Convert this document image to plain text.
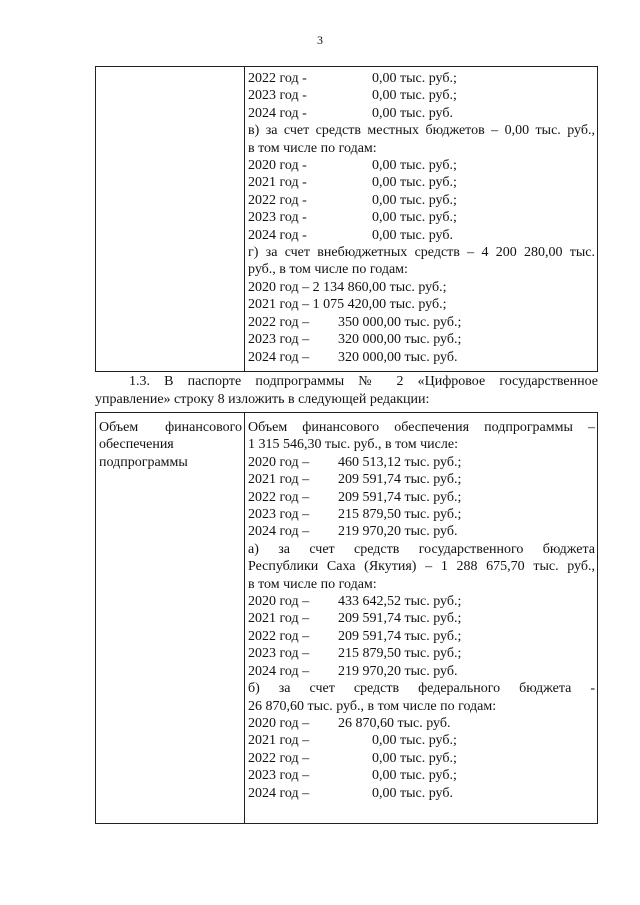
3

2022 год -	0,00 тыс. руб.;
2023 год -	0,00 тыс. руб.;
2024 год -	0,00 тыс. руб.
в) за счет средств местных бюджетов – 0,00 тыс. руб.,
в том числе по годам:
2020 год -	0,00 тыс. руб.;
2021 год -	0,00 тыс. руб.;
2022 год -	0,00 тыс. руб.;
2023 год -	0,00 тыс. руб.;
2024 год -	0,00 тыс. руб.
г) за счет внебюджетных средств – 4 200 280,00 тыс.
руб., в том числе по годам:
2020 год – 2 134 860,00 тыс. руб.;
2021 год – 1 075 420,00 тыс. руб.;
2022 год – 350 000,00 тыс. руб.;
2023 год – 320 000,00 тыс. руб.;
2024 год – 320 000,00 тыс. руб.
1.3. В паспорте подпрограммы № 2 «Цифровое государственное
управление» строку 8 изложить в следующей редакции:
Объем финансового
обеспечения
подпрограммы

Объем финансового обеспечения подпрограммы –
1 315 546,30 тыс. руб., в том числе:
2020 год – 460 513,12 тыс. руб.;
2021 год – 209 591,74 тыс. руб.;
2022 год – 209 591,74 тыс. руб.;
2023 год – 215 879,50 тыс. руб.;
2024 год – 219 970,20 тыс. руб.
а) за счет средств государственного бюджета
Республики Саха (Якутия) – 1 288 675,70 тыс. руб.,
в том числе по годам:
2020 год – 433 642,52 тыс. руб.;
2021 год – 209 591,74 тыс. руб.;
2022 год – 209 591,74 тыс. руб.;
2023 год – 215 879,50 тыс. руб.;
2024 год – 219 970,20 тыс. руб.
б) за счет средств федерального бюджета -
26 870,60 тыс. руб., в том числе по годам:
2020 год – 26 870,60 тыс. руб.
2021 год –	0,00 тыс. руб.;
2022 год –	0,00 тыс. руб.;
2023 год –	0,00 тыс. руб.;
2024 год –	0,00 тыс. руб.
